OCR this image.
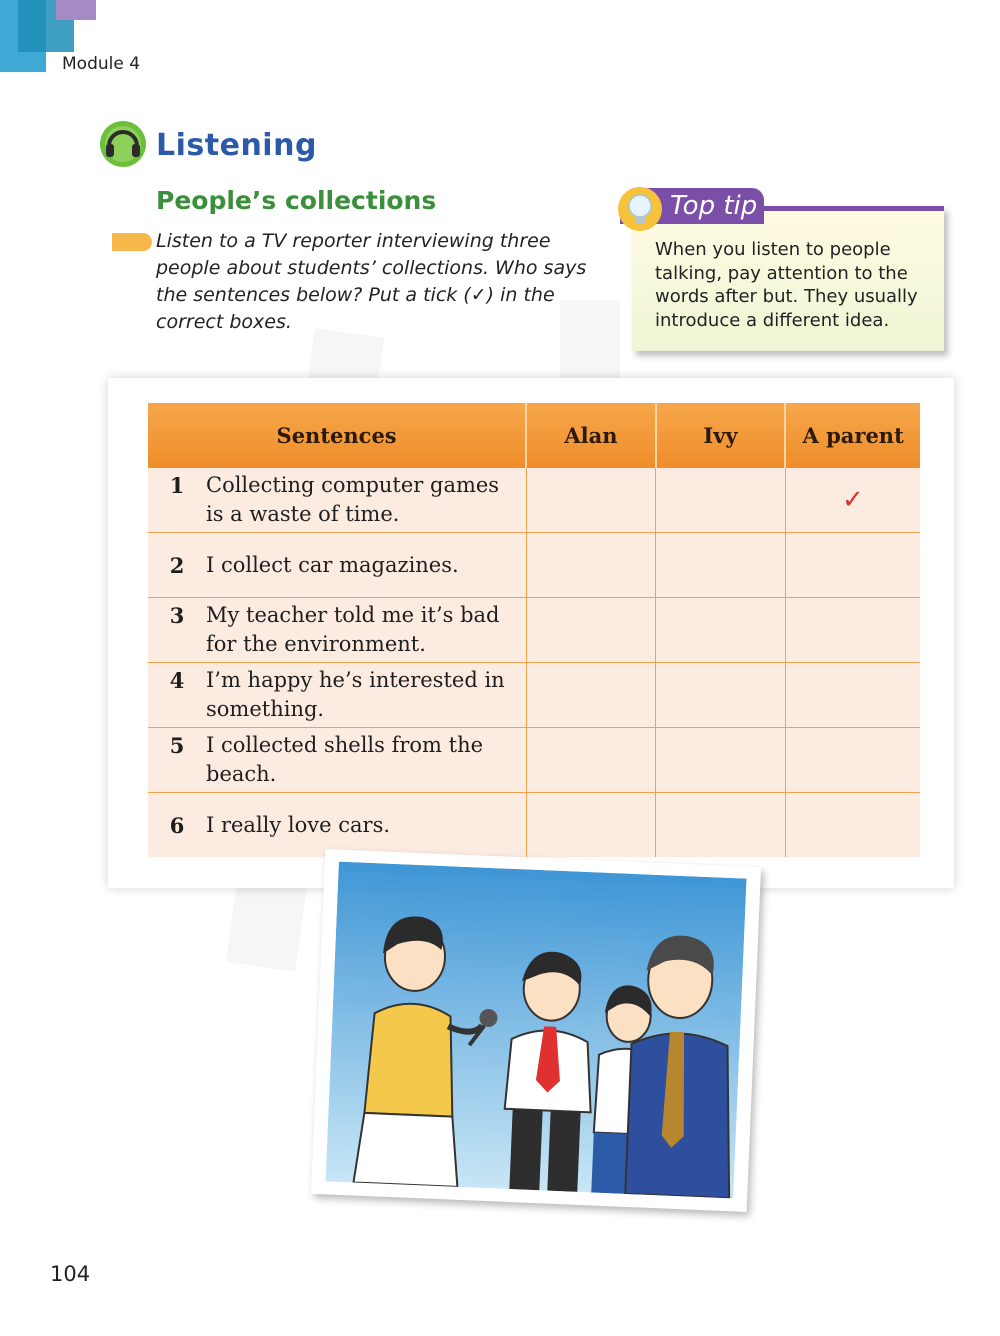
Module 4
Listening
People’s collections
Listen to a TV reporter interviewing three people about students’ collections. Who says the sentences below? Put a tick (✓) in the correct boxes.
Top tip
When you listen to people talking, pay attention to the words after but. They usually introduce a different idea.
Sentences	Alan	Ivy	A parent

1 Collecting computer games is a waste of time.			✓

2 I collect car magazines.			

3 My teacher told me it’s bad for the environment.			

4 I’m happy he’s interested in something.			

5 I collected shells from the beach.			

6 I really love cars.			

104
